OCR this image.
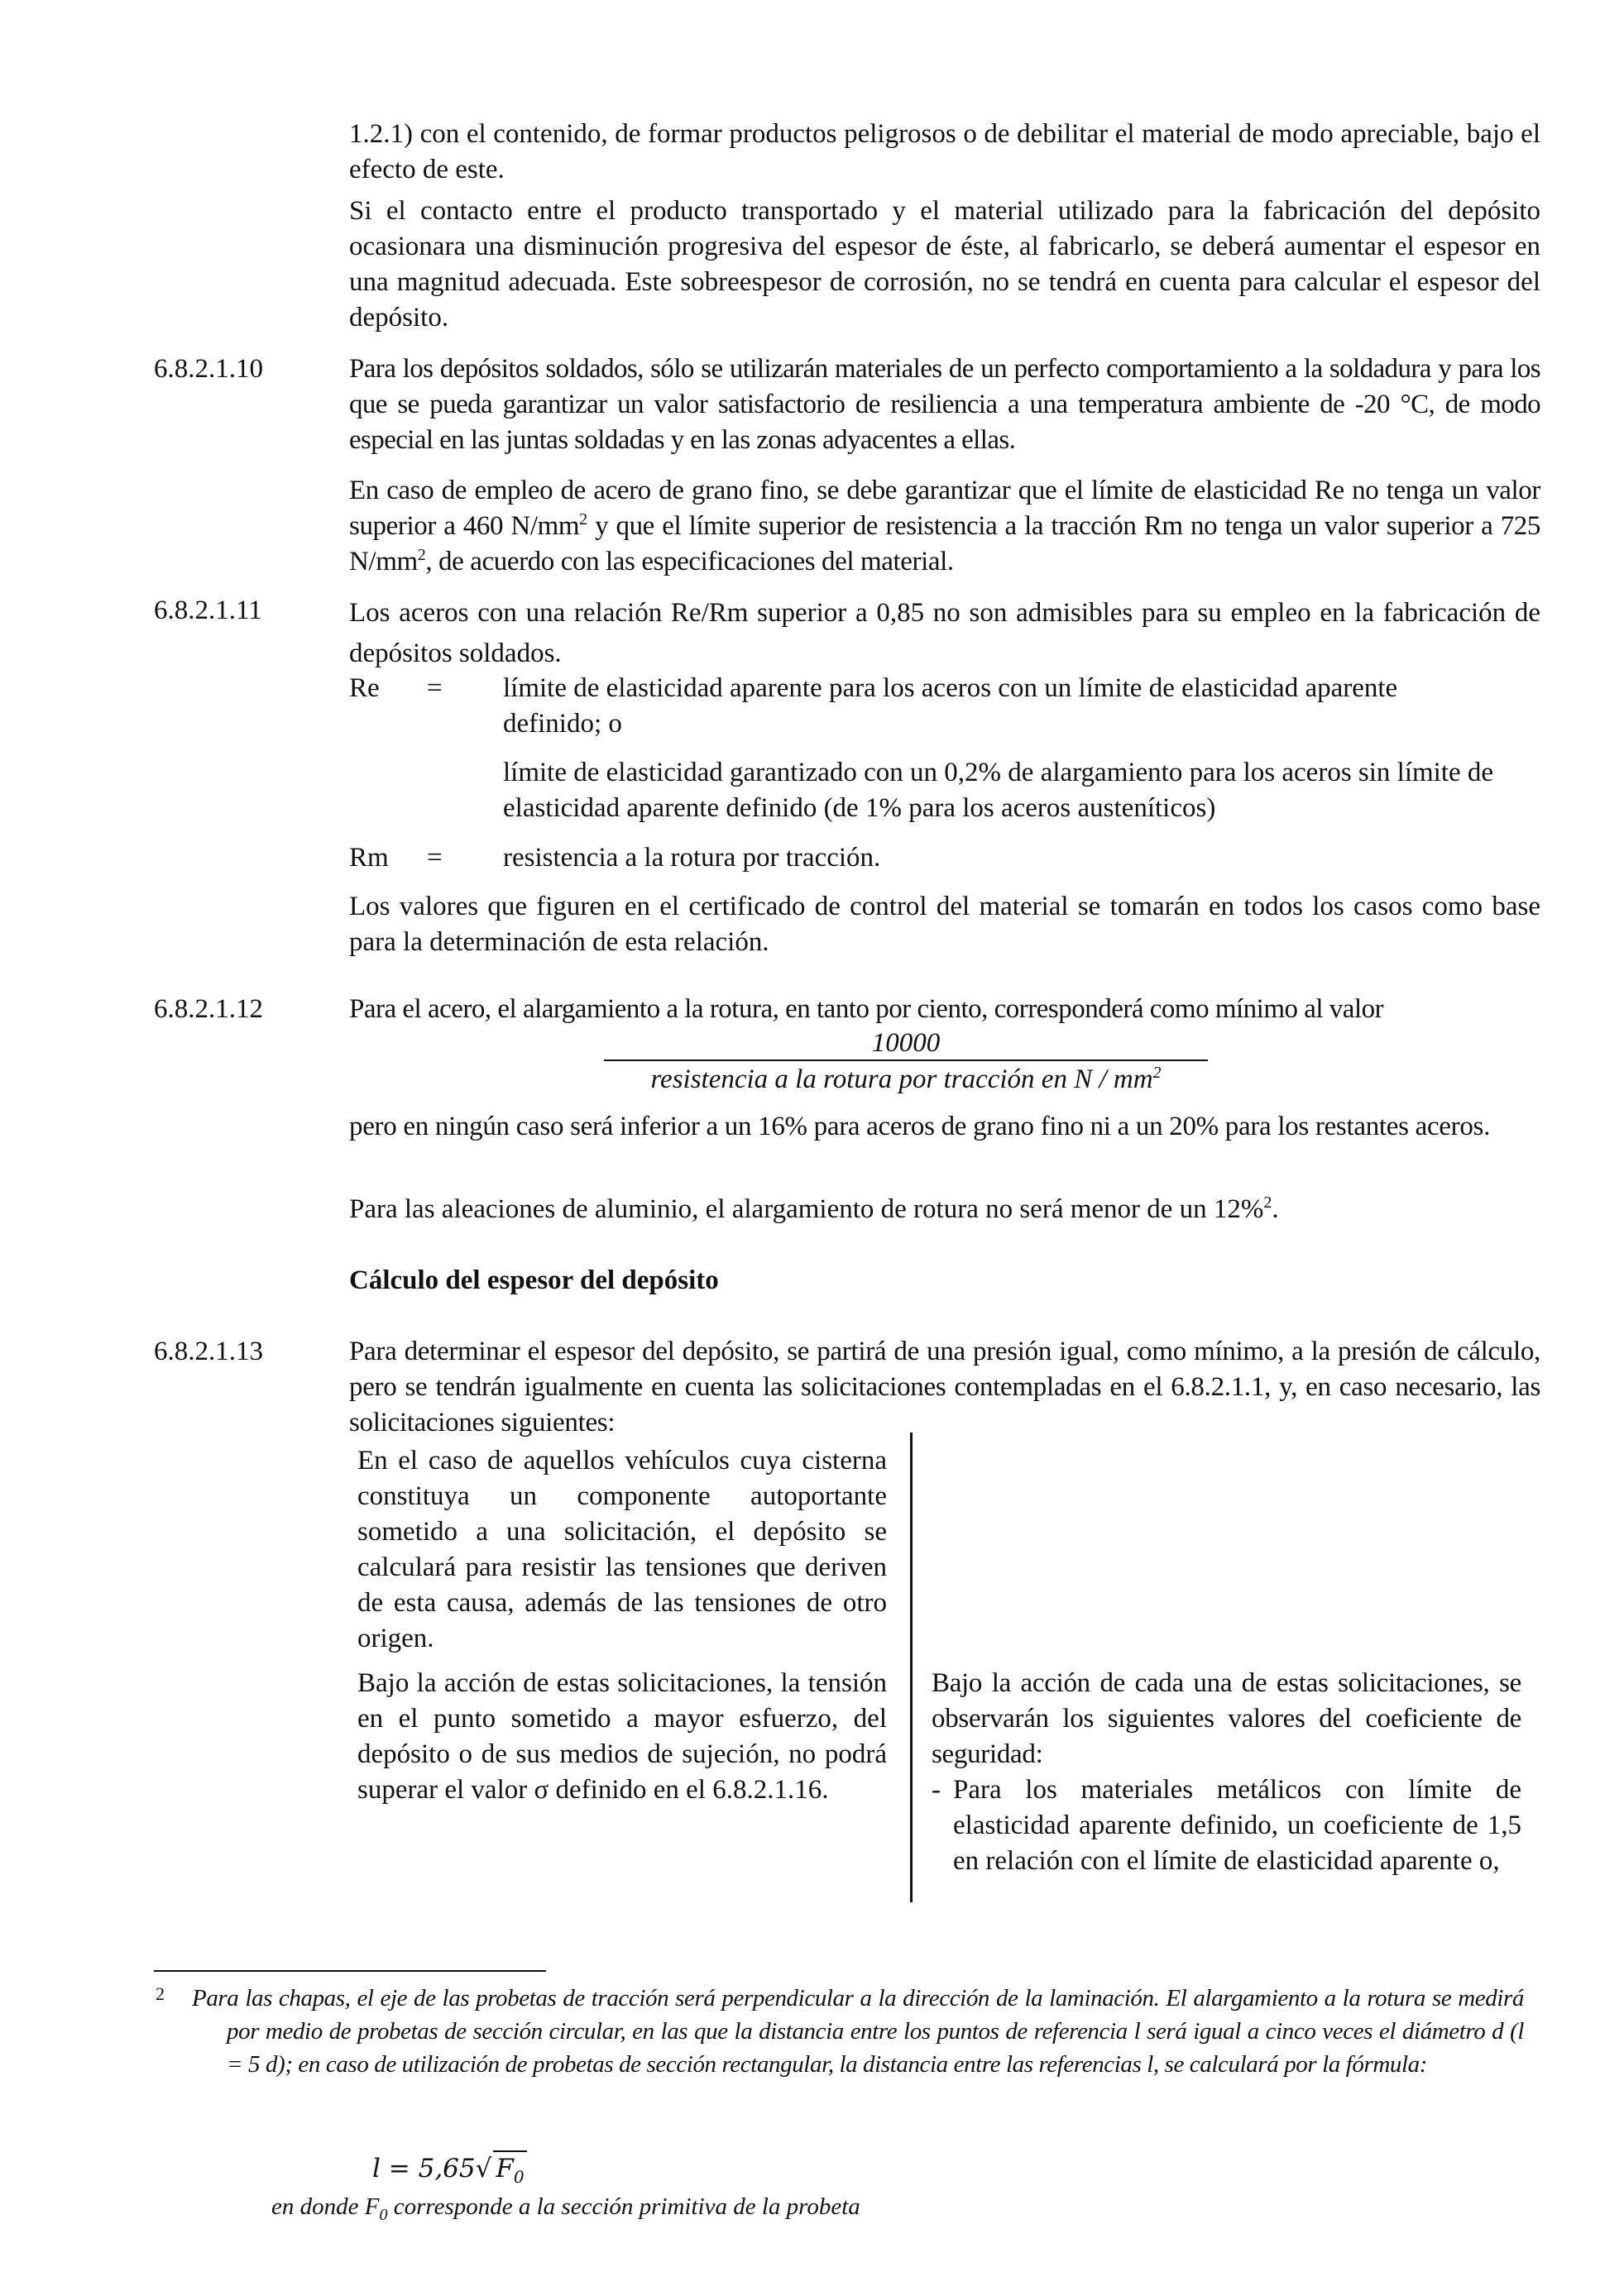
1.2.1) con el contenido, de formar productos peligrosos o de debilitar el material de modo apreciable, bajo el efecto de este.

Si el contacto entre el producto transportado y el material utilizado para la fabricación del depósito ocasionara una disminución progresiva del espesor de éste, al fabricarlo, se deberá aumentar el espesor en una magnitud adecuada. Este sobreespesor de corrosión, no se tendrá en cuenta para calcular el espesor del depósito.

6.8.2.1.10	Para los depósitos soldados, sólo se utilizarán materiales de un perfecto comportamiento a la soldadura y para los que se pueda garantizar un valor satisfactorio de resiliencia a una temperatura ambiente de -20 °C, de modo especial en las juntas soldadas y en las zonas adyacentes a ellas.

En caso de empleo de acero de grano fino, se debe garantizar que el límite de elasticidad Re no tenga un valor superior a 460 $N/mm^2$ y que el límite superior de resistencia a la tracción Rm no tenga un valor superior a 725 $N/mm^2$, de acuerdo con las especificaciones del material.

6.8.2.1.11	Los aceros con una relación Re/Rm superior a 0,85 no son admisibles para su empleo en la fabricación de depósitos soldados.

Re = límite de elasticidad aparente para los aceros con un límite de elasticidad aparente definido; o

límite de elasticidad garantizado con un 0,2% de alargamiento para los aceros sin límite de elasticidad aparente definido (de 1% para los aceros austeníticos)

Rm = resistencia a la rotura por tracción.

Los valores que figuren en el certificado de control del material se tomarán en todos los casos como base para la determinación de esta relación.

6.8.2.1.12	Para el acero, el alargamiento a la rotura, en tanto por ciento, corresponderá como mínimo al valor

10000
resistencia a la rotura por tracción en N / $mm^2$

pero en ningún caso será inferior a un 16% para aceros de grano fino ni a un 20% para los restantes aceros.

Para las aleaciones de aluminio, el alargamiento de rotura no será menor de un 12%$^2$.

Cálculo del espesor del depósito

6.8.2.1.13	Para determinar el espesor del depósito, se partirá de una presión igual, como mínimo, a la presión de cálculo, pero se tendrán igualmente en cuenta las solicitaciones contempladas en el 6.8.2.1.1, y, en caso necesario, las solicitaciones siguientes:

En el caso de aquellos vehículos cuya cisterna constituya un componente autoportante sometido a una solicitación, el depósito se calculará para resistir las tensiones que deriven de esta causa, además de las tensiones de otro origen.

Bajo la acción de estas solicitaciones, la tensión en el punto sometido a mayor esfuerzo, del depósito o de sus medios de sujeción, no podrá superar el valor σ definido en el 6.8.2.1.16.

Bajo la acción de cada una de estas solicitaciones, se observarán los siguientes valores del coeficiente de seguridad:

- Para los materiales metálicos con límite de elasticidad aparente definido, un coeficiente de 1,5 en relación con el límite de elasticidad aparente o,

2 Para las chapas, el eje de las probetas de tracción será perpendicular a la dirección de la laminación. El alargamiento a la rotura se medirá por medio de probetas de sección circular, en las que la distancia entre los puntos de referencia l será igual a cinco veces el diámetro d (l = 5 d); en caso de utilización de probetas de sección rectangular, la distancia entre las referencias l, se calculará por la fórmula:

l = 5,65√ $F_0$
en donde $F_0$ corresponde a la sección primitiva de la probeta
